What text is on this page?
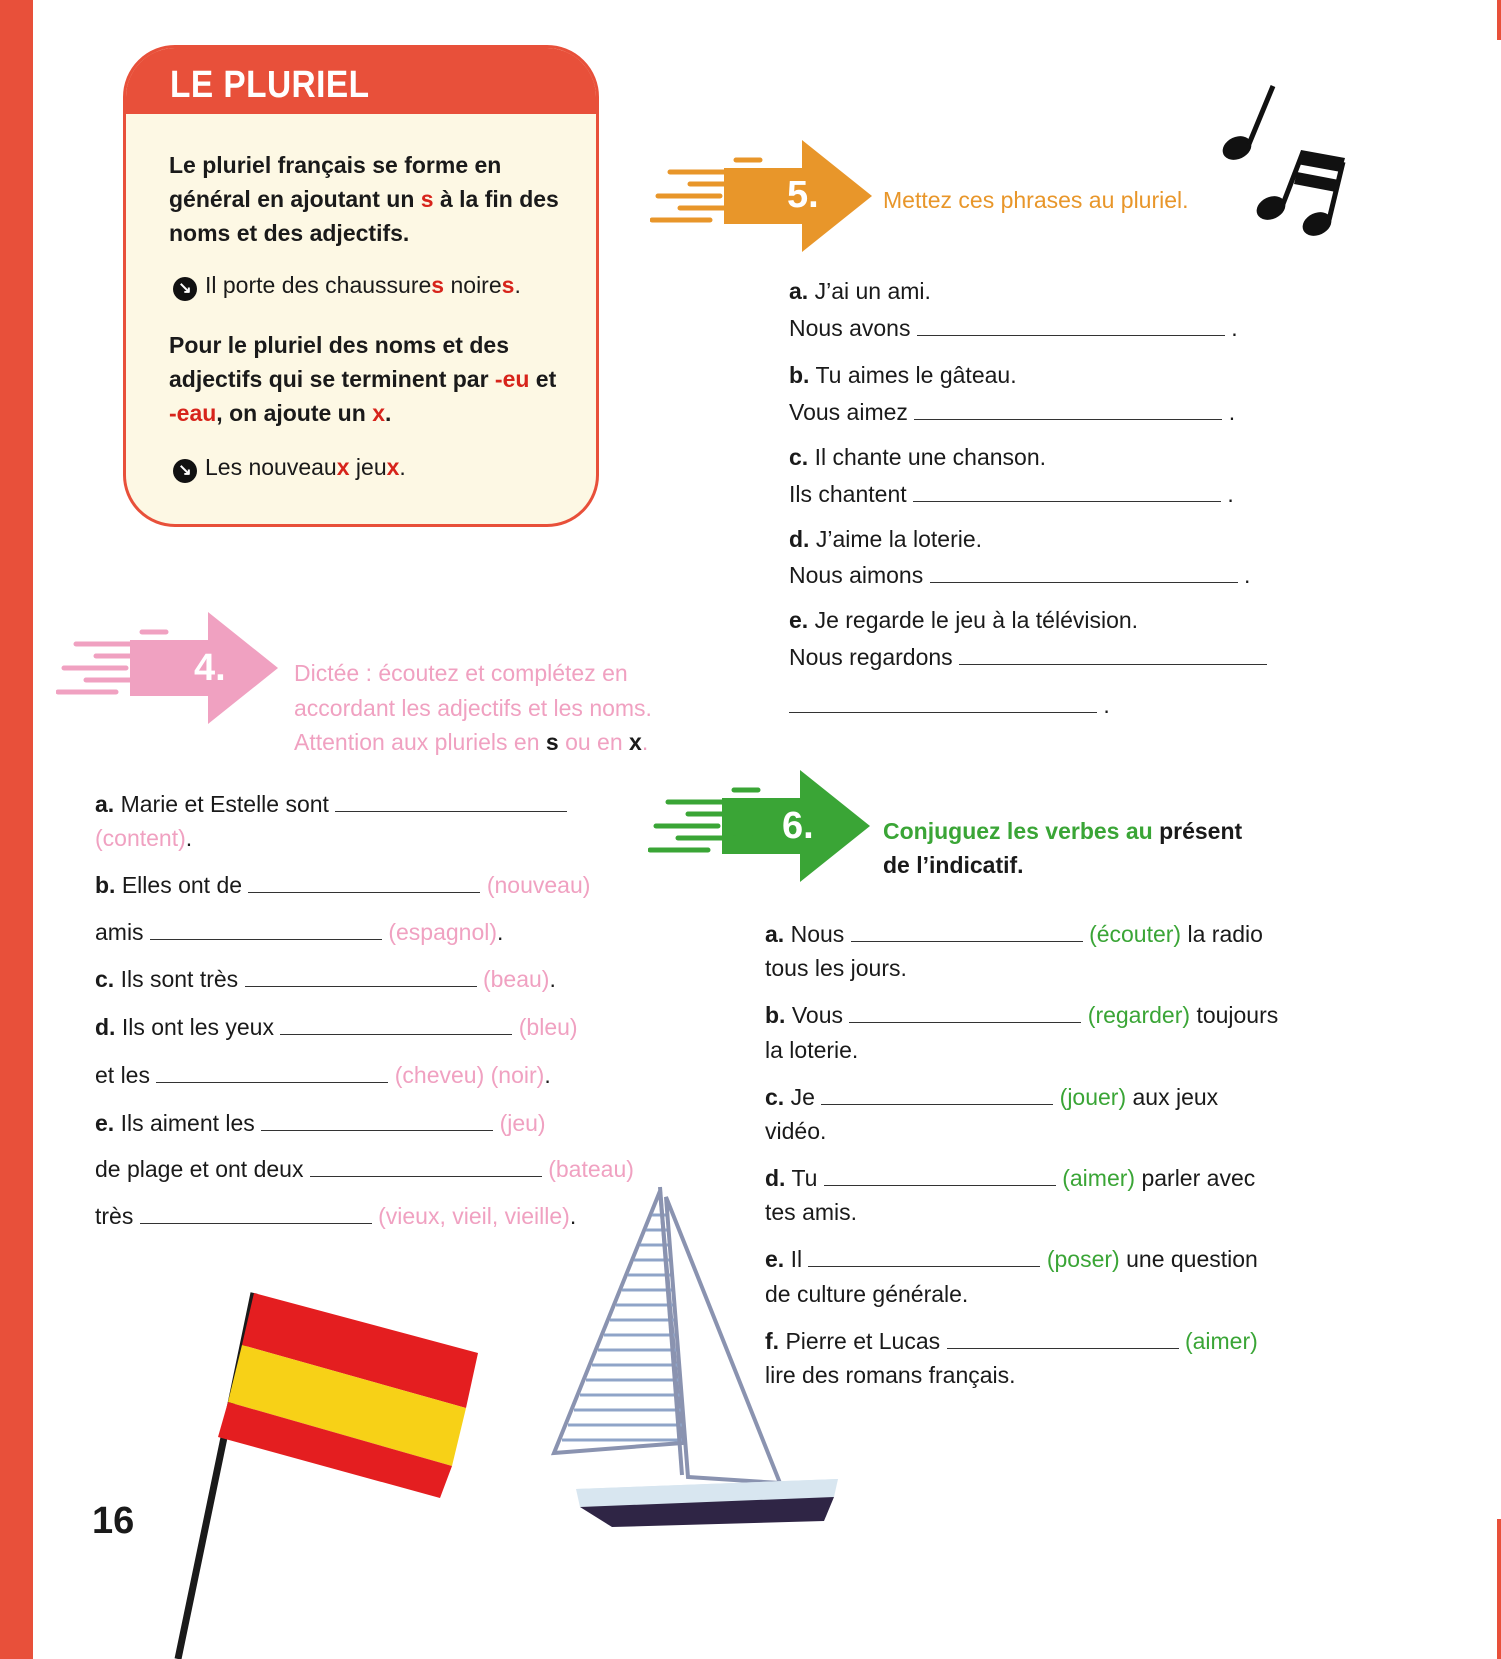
LE PLURIEL
Le pluriel français se forme en général en ajoutant un s à la fin des noms et des adjectifs.
↘ Il porte des chaussures noires.
Pour le pluriel des noms et des adjectifs qui se terminent par -eu et -eau, on ajoute un x.
↘ Les nouveaux jeux.
5.	Mettez ces phrases au pluriel.
a. J’ai un ami.
Nous avons	.
b. Tu aimes le gâteau.
Vous aimez	.
c. Il chante une chanson.
Ils chantent	.
d. J’aime la loterie.
Nous aimons	.
e. Je regarde le jeu à la télévision.
Nous regardons
.
4.	Dictée : écoutez et complétez en
accordant les adjectifs et les noms.
Attention aux pluriels en s ou en x.
a. Marie et Estelle sont
(content).
b. Elles ont de	(nouveau)
amis	(espagnol).
c. Ils sont très	(beau).
d. Ils ont les yeux	(bleu)
et les	(cheveu) (noir).
e. Ils aiment les	(jeu)
de plage et ont deux	(bateau)
très	(vieux, vieil, vieille).
6.	Conjuguez les verbes au présent
de l’indicatif.
a. Nous	(écouter) la radio
tous les jours.
b. Vous	(regarder) toujours
la loterie.
c. Je	(jouer) aux jeux
vidéo.
d. Tu	(aimer) parler avec
tes amis.
e. Il	(poser) une question
de culture générale.
f. Pierre et Lucas	(aimer)
lire des romans français.
16
